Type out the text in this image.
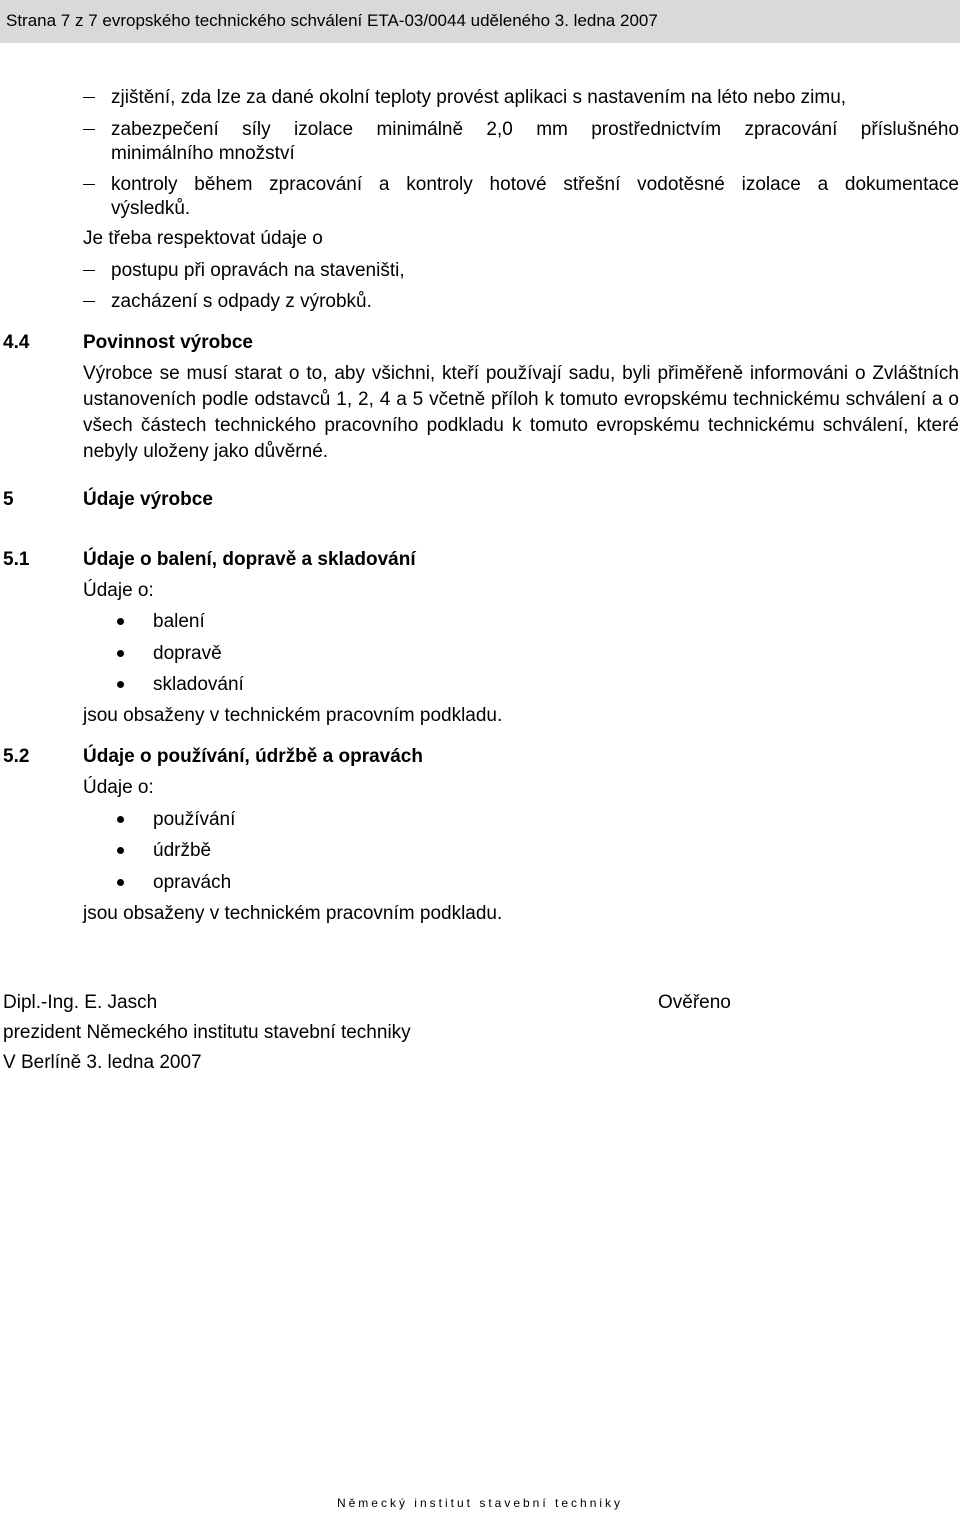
Strana 7 z 7 evropského technického schválení ETA-03/0044 uděleného 3. ledna 2007
zjištění, zda lze za dané okolní teploty provést aplikaci s nastavením na léto nebo zimu,
zabezpečení síly izolace minimálně 2,0 mm prostřednictvím zpracování příslušného
minimálního množství
kontroly během zpracování a kontroly hotové střešní vodotěsné izolace a dokumentace
výsledků.
Je třeba respektovat údaje o
postupu při opravách na staveništi,
zacházení s odpady z výrobků.
4.4	Povinnost výrobce
Výrobce se musí starat o to, aby všichni, kteří používají sadu, byli přiměřeně informováni o Zvláštních ustanoveních podle odstavců 1, 2, 4 a 5 včetně příloh k tomuto evropskému technickému schválení a o všech částech technického pracovního podkladu k tomuto evropskému technickému schválení, které nebyly uloženy jako důvěrné.
5	Údaje výrobce
5.1	Údaje o balení, dopravě a skladování
Údaje o:
balení
dopravě
skladování
jsou obsaženy v technickém pracovním podkladu.
5.2	Údaje o používání, údržbě a opravách
Údaje o:
používání
údržbě
opravách
jsou obsaženy v technickém pracovním podkladu.
Dipl.-Ing. E. Jasch	Ověřeno
prezident Německého institutu stavební techniky
V Berlíně 3. ledna 2007
Německý institut stavební techniky
